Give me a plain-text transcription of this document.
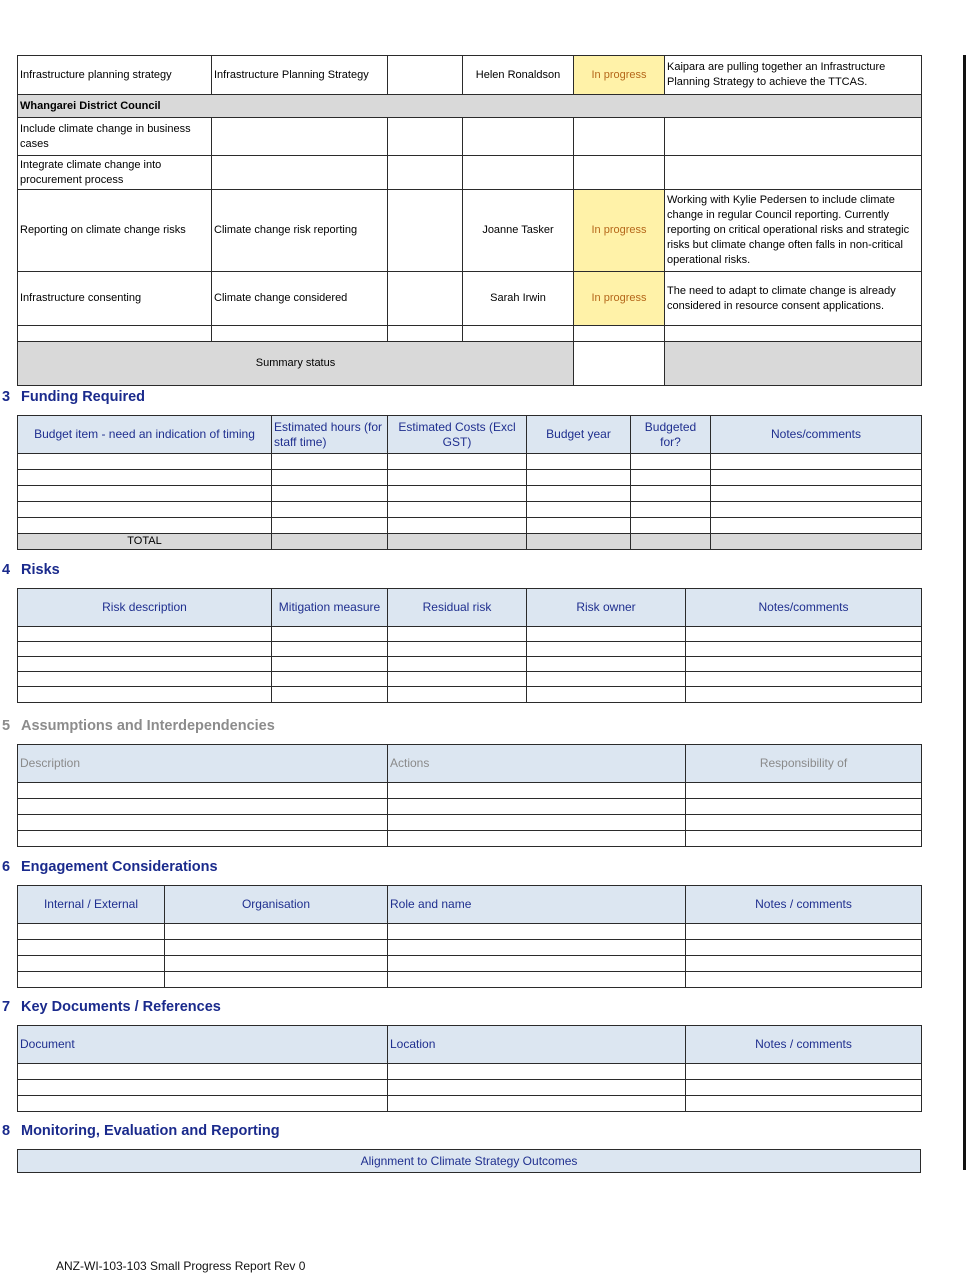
Infrastructure planning strategy	Infrastructure Planning Strategy		Helen Ronaldson	In progress	Kaipara are pulling together an Infrastructure Planning Strategy to achieve the TTCAS.
Whangarei District Council					
Include climate change in business cases					
Integrate climate change into procurement process					
Reporting on climate change risks	Climate change risk reporting		Joanne Tasker	In progress	Working with Kylie Pedersen to include climate change in regular Council reporting. Currently reporting on critical operational risks and strategic risks but climate change often falls in non-critical operational risks.
Infrastructure consenting	Climate change considered		Sarah Irwin	In progress	The need to adapt to climate change is already considered in resource consent applications.

Summary status					
3 Funding Required
Budget item - need an indication of timing	Estimated hours (for staff time)	Estimated Costs (Excl GST)	Budget year	Budgeted for?	Notes/comments

TOTAL					
4 Risks
Risk description	Mitigation measure	Residual risk	Risk owner	Notes/comments

5 Assumptions and Interdependencies
Description	Actions	Responsibility of

6 Engagement Considerations
Internal / External	Organisation	Role and name	Notes / comments

7 Key Documents / References
Document	Location	Notes / comments

8 Monitoring, Evaluation and Reporting
Alignment to Climate Strategy Outcomes
ANZ-WI-103-103 Small Progress Report Rev 0
